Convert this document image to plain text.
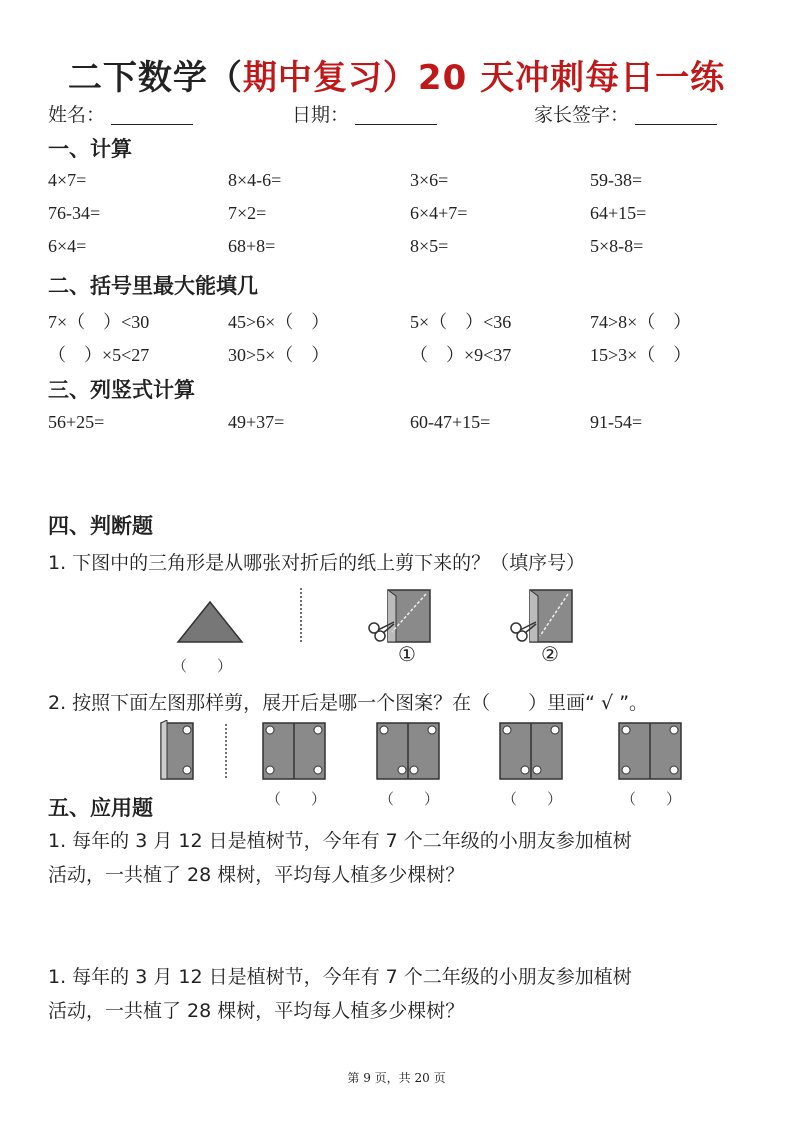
二下数学（期中复习）20 天冲刺每日一练
姓名：	日期：	家长签字：
一、计算
4×7=	8×4-6=	3×6=	59-38=
76-34=	7×2=	6×4+7=	64+15=
6×4=	68+8=	8×5=	5×8-8=
二、括号里最大能填几
7×（　）<30	45>6×（　）	5×（　）<36	74>8×（　）
（　）×5<27	30>5×（　）	（　）×9<37	15>3×（　）
三、列竖式计算
56+25=	49+37=	60-47+15=	91-54=
四、判断题
1. 下图中的三角形是从哪张对折后的纸上剪下来的？（填序号）
（　　）	①	②
2. 按照下面左图那样剪，展开后是哪一个图案？在（　　）里画“ √ ”。
（　　）	（　　）	（　　）	（　　）
五、应用题
1. 每年的 3 月 12 日是植树节，今年有 7 个二年级的小朋友参加植树
活动，一共植了 28 棵树，平均每人植多少棵树？
1. 每年的 3 月 12 日是植树节，今年有 7 个二年级的小朋友参加植树
活动，一共植了 28 棵树，平均每人植多少棵树？
第 9 页，共 20 页
